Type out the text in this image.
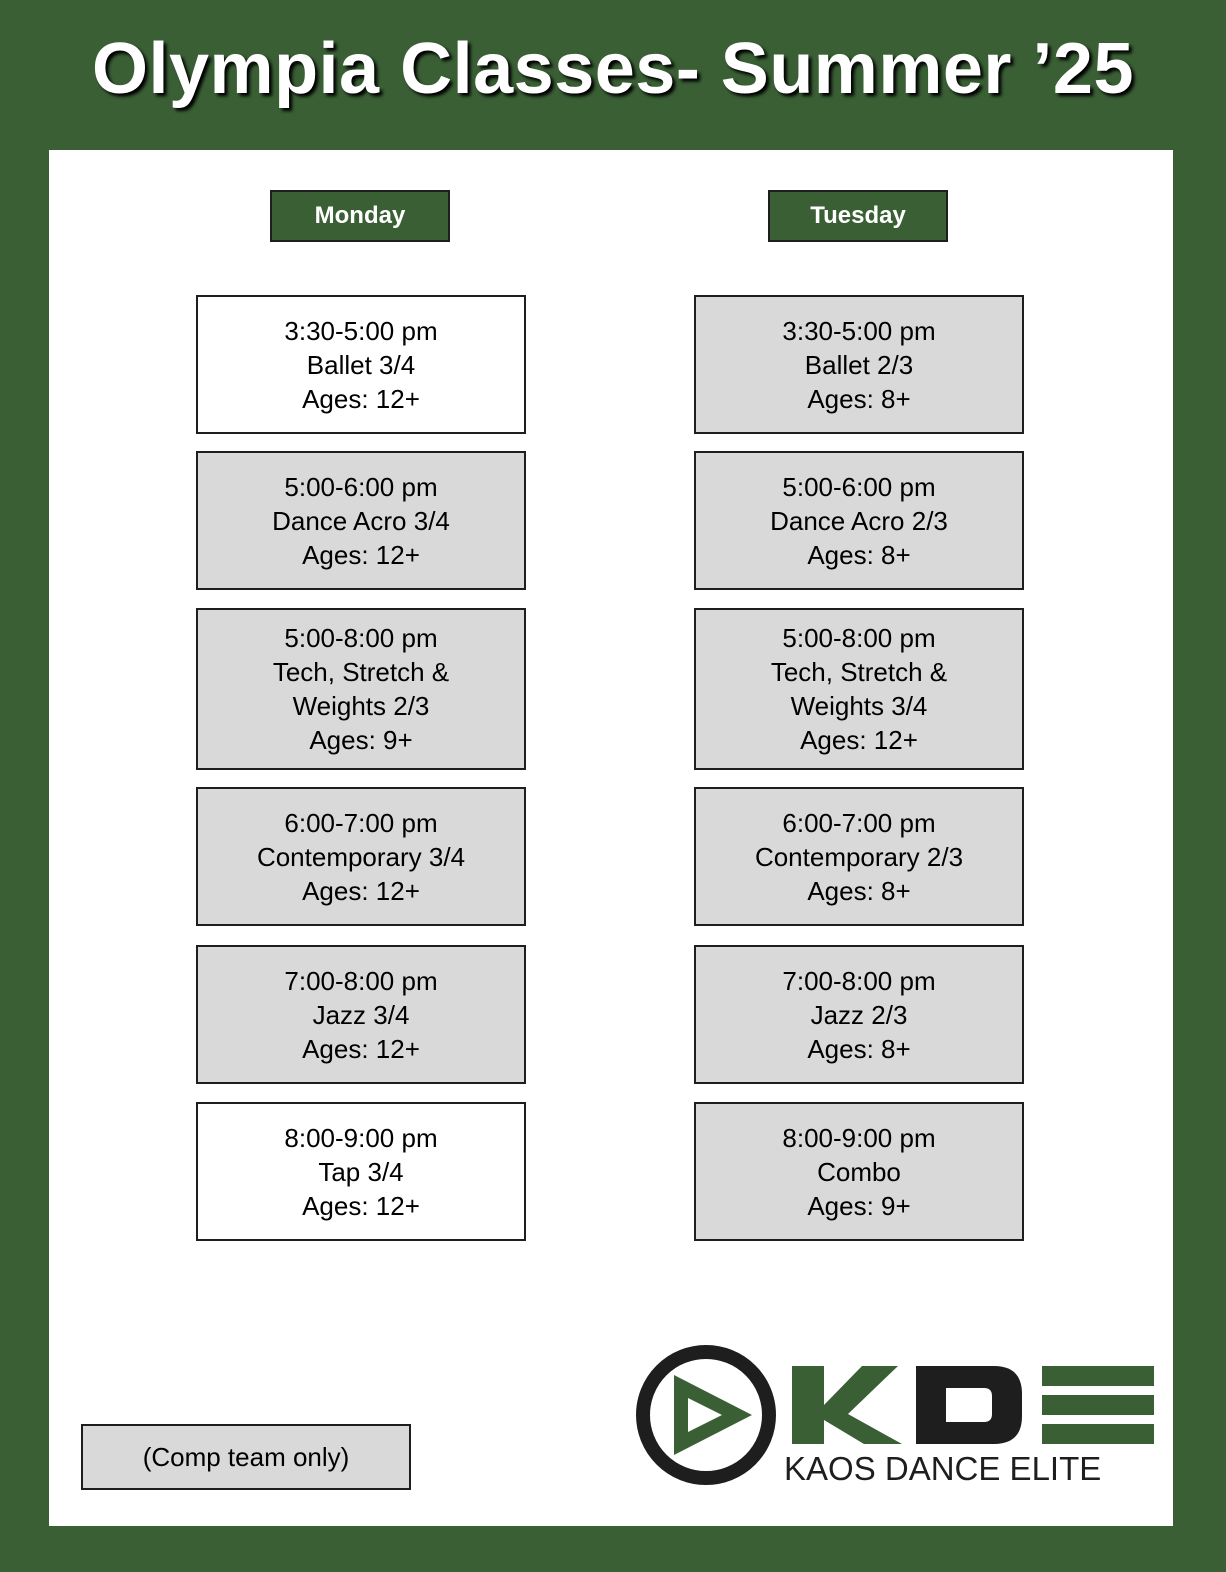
Olympia Classes- Summer ’25
Monday
3:30-5:00 pm
Ballet 3/4
Ages: 12+
5:00-6:00 pm
Dance Acro 3/4
Ages: 12+
5:00-8:00 pm
Tech, Stretch &
Weights 2/3
Ages: 9+
6:00-7:00 pm
Contemporary 3/4
Ages: 12+
7:00-8:00 pm
Jazz 3/4
Ages: 12+
8:00-9:00 pm
Tap 3/4
Ages: 12+
Tuesday
3:30-5:00 pm
Ballet 2/3
Ages: 8+
5:00-6:00 pm
Dance Acro 2/3
Ages: 8+
5:00-8:00 pm
Tech, Stretch &
Weights 3/4
Ages: 12+
6:00-7:00 pm
Contemporary 2/3
Ages: 8+
7:00-8:00 pm
Jazz 2/3
Ages: 8+
8:00-9:00 pm
Combo
Ages: 9+
(Comp team only)	KAOS DANCE ELITE
